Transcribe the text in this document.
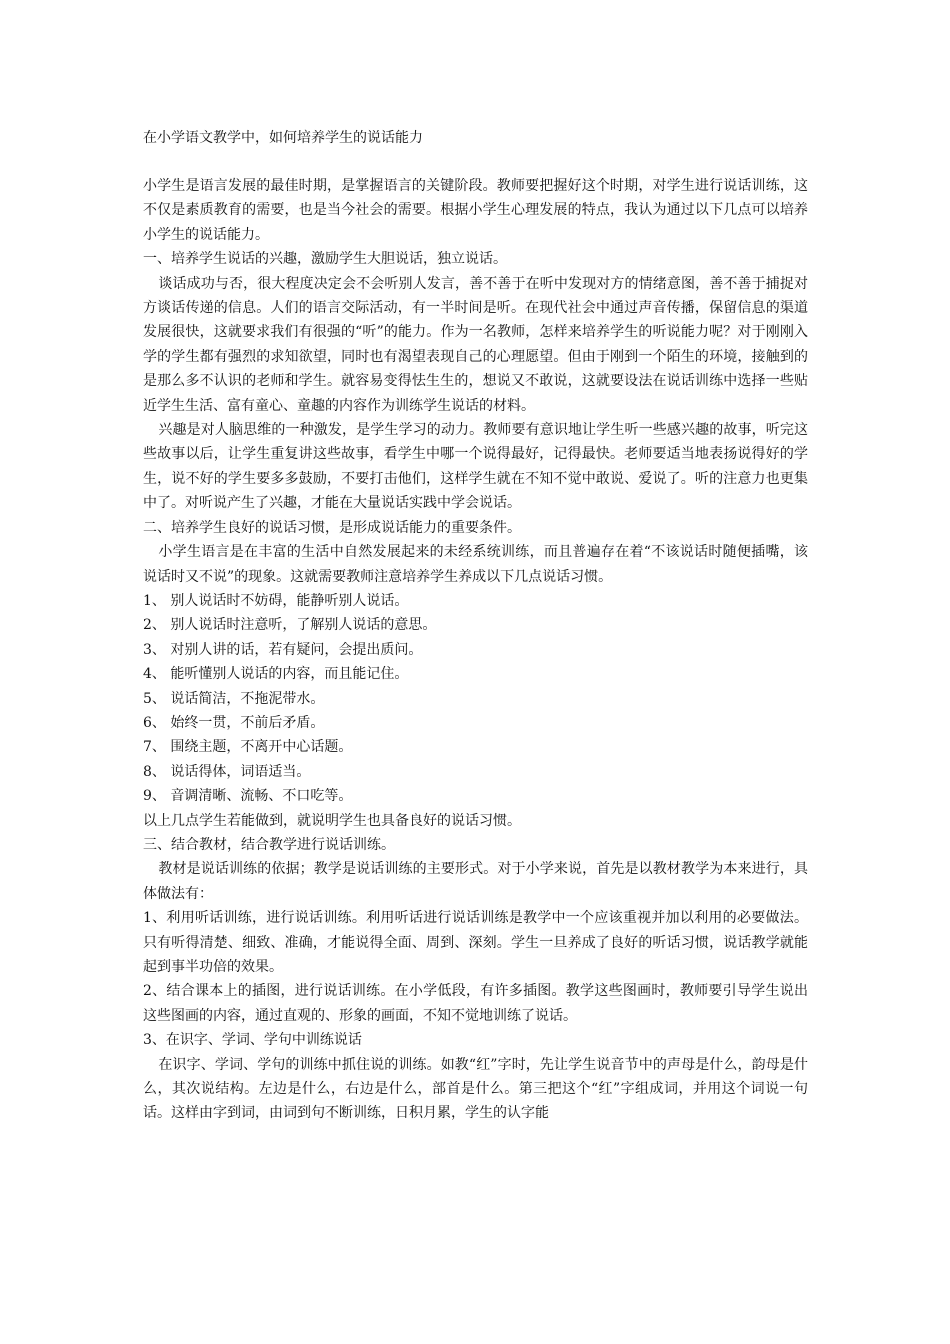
在小学语文教学中，如何培养学生的说话能力

小学生是语言发展的最佳时期，是掌握语言的关键阶段。教师要把握好这个时期，对学生进行说话训练，这不仅是素质教育的需要，也是当今社会的需要。根据小学生心理发展的特点，我认为通过以下几点可以培养小学生的说话能力。

一、培养学生说话的兴趣，激励学生大胆说话，独立说话。

谈话成功与否，很大程度决定会不会听别人发言，善不善于在听中发现对方的情绪意图，善不善于捕捉对方谈话传递的信息。人们的语言交际活动，有一半时间是听。在现代社会中通过声音传播，保留信息的渠道发展很快，这就要求我们有很强的“听”的能力。作为一名教师，怎样来培养学生的听说能力呢？对于刚刚入学的学生都有强烈的求知欲望，同时也有渴望表现自己的心理愿望。但由于刚到一个陌生的环境，接触到的是那么多不认识的老师和学生。就容易变得怯生生的，想说又不敢说，这就要设法在说话训练中选择一些贴近学生生活、富有童心、童趣的内容作为训练学生说话的材料。

兴趣是对人脑思维的一种激发，是学生学习的动力。教师要有意识地让学生听一些感兴趣的故事，听完这些故事以后，让学生重复讲这些故事，看学生中哪一个说得最好，记得最快。老师要适当地表扬说得好的学生，说不好的学生要多多鼓励，不要打击他们，这样学生就在不知不觉中敢说、爱说了。听的注意力也更集中了。对听说产生了兴趣，才能在大量说话实践中学会说话。

二、培养学生良好的说话习惯，是形成说话能力的重要条件。

小学生语言是在丰富的生活中自然发展起来的未经系统训练，而且普遍存在着“不该说话时随便插嘴，该说话时又不说”的现象。这就需要教师注意培养学生养成以下几点说话习惯。

1、 别人说话时不妨碍，能静听别人说话。

2、 别人说话时注意听，了解别人说话的意思。

3、 对别人讲的话，若有疑问，会提出质问。

4、 能听懂别人说话的内容，而且能记住。

5、 说话简洁，不拖泥带水。

6、 始终一贯，不前后矛盾。

7、 围绕主题，不离开中心话题。

8、 说话得体，词语适当。

9、 音调清晰、流畅、不口吃等。

以上几点学生若能做到，就说明学生也具备良好的说话习惯。

三、结合教材，结合教学进行说话训练。

教材是说话训练的依据；教学是说话训练的主要形式。对于小学来说，首先是以教材教学为本来进行，具体做法有：

1、利用听话训练，进行说话训练。利用听话进行说话训练是教学中一个应该重视并加以利用的必要做法。只有听得清楚、细致、准确，才能说得全面、周到、深刻。学生一旦养成了良好的听话习惯，说话教学就能起到事半功倍的效果。

2、结合课本上的插图，进行说话训练。在小学低段，有许多插图。教学这些图画时，教师要引导学生说出这些图画的内容，通过直观的、形象的画面，不知不觉地训练了说话。

3、在识字、学词、学句中训练说话

在识字、学词、学句的训练中抓住说的训练。如教“红”字时，先让学生说音节中的声母是什么，韵母是什么，其次说结构。左边是什么，右边是什么，部首是什么。第三把这个“红”字组成词，并用这个词说一句话。这样由字到词，由词到句不断训练，日积月累，学生的认字能
